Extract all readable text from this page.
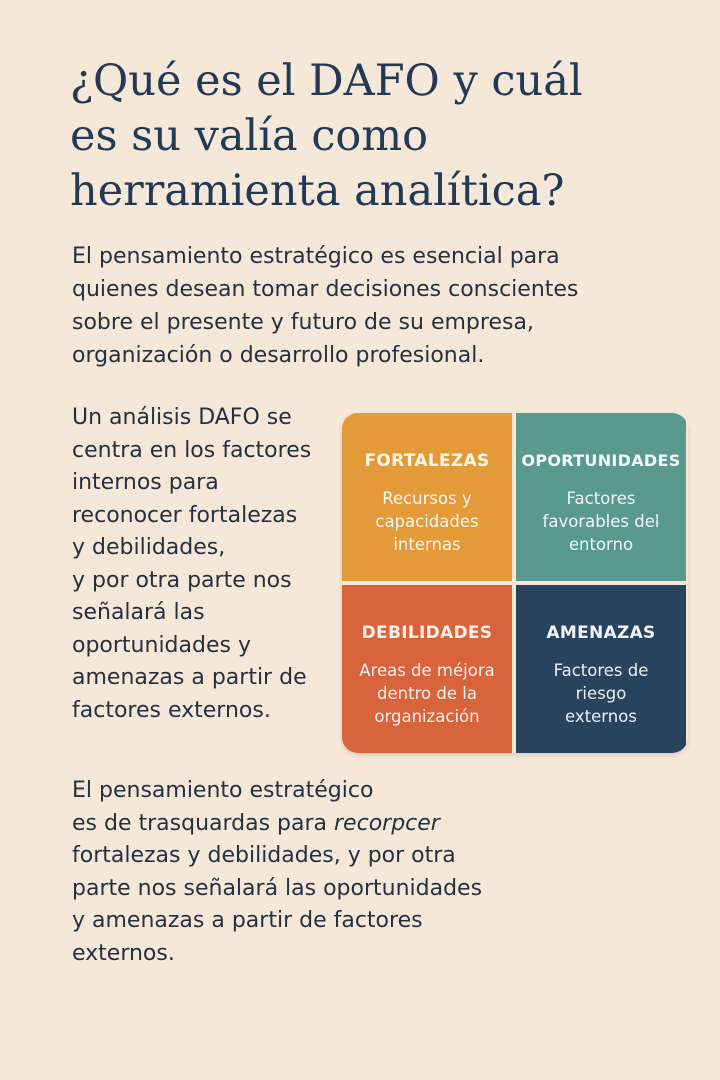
¿Qué es el DAFO y cuál
es su valía como
herramienta analítica?

El pensamiento estratégico es esencial para
quienes desean tomar decisiones conscientes
sobre el presente y futuro de su empresa,
organización o desarrollo profesional.

Un análisis DAFO se
centra en los factores
internos para
reconocer fortalezas
y debilidades,
y por otra parte nos
señalará las
oportunidades y
amenazas a partir de
factores externos.

FORTALEZAS
Recursos y
capacidades
internas
OPORTUNIDADES
Factores
favorables del
entorno
DEBILIDADES
Areas de méjora
dentro de la
organización
AMENAZAS
Factores de
riesgo
externos

El pensamiento estratégico
es de trasquardas para recorpcer
fortalezas y debilidades, y por otra
parte nos señalará las oportunidades
y amenazas a partir de factores
externos.
